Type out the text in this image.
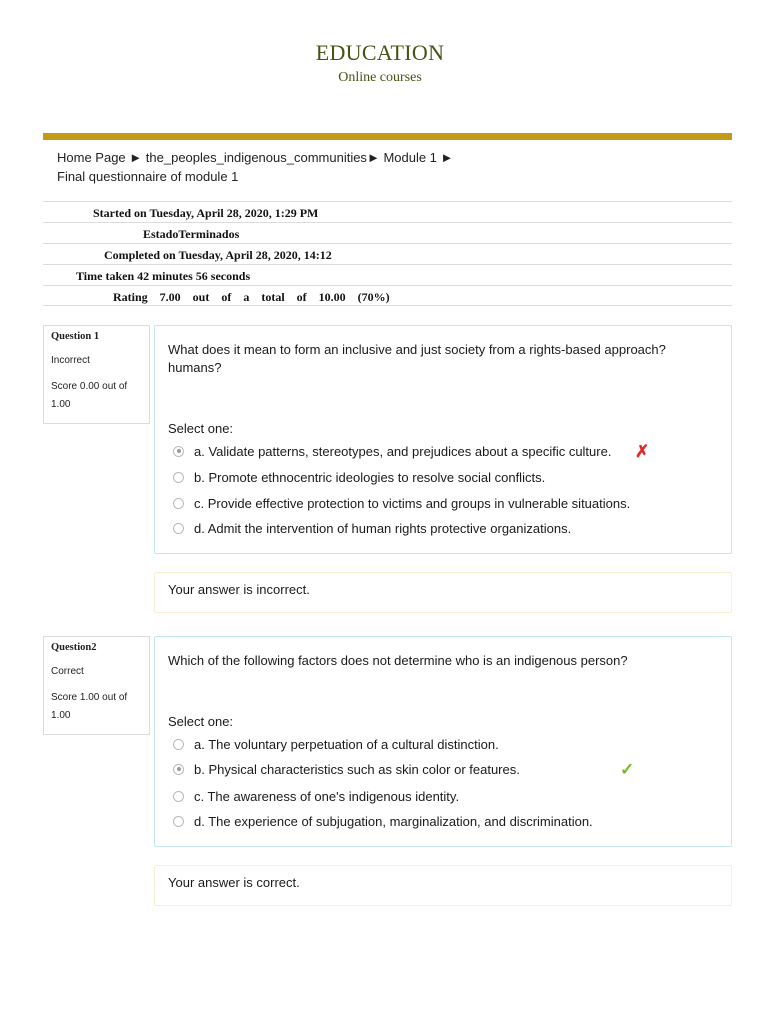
EDUCATION
Online courses
Home Page ► the_peoples_indigenous_communities► Module 1 ►
Final questionnaire of module 1
Started on Tuesday, April 28, 2020, 1:29 PM
EstadoTerminados
Completed on Tuesday, April 28, 2020, 14:12
Time taken 42 minutes 56 seconds
Rating    7.00    out    of    a    total    of    10.00    (70%)
Question 1
Incorrect
Score 0.00 out of 1.00
What does it mean to form an inclusive and just society from a rights-based approach? humans?
Select one:
a. Validate patterns, stereotypes, and prejudices about a specific culture. ✗
b. Promote ethnocentric ideologies to resolve social conflicts.
c. Provide effective protection to victims and groups in vulnerable situations.
d. Admit the intervention of human rights protective organizations.
Your answer is incorrect.
Question2
Correct
Score 1.00 out of 1.00
Which of the following factors does not determine who is an indigenous person?
Select one:
a. The voluntary perpetuation of a cultural distinction.
b. Physical characteristics such as skin color or features.	✓
c. The awareness of one's indigenous identity.
d. The experience of subjugation, marginalization, and discrimination.
Your answer is correct.
